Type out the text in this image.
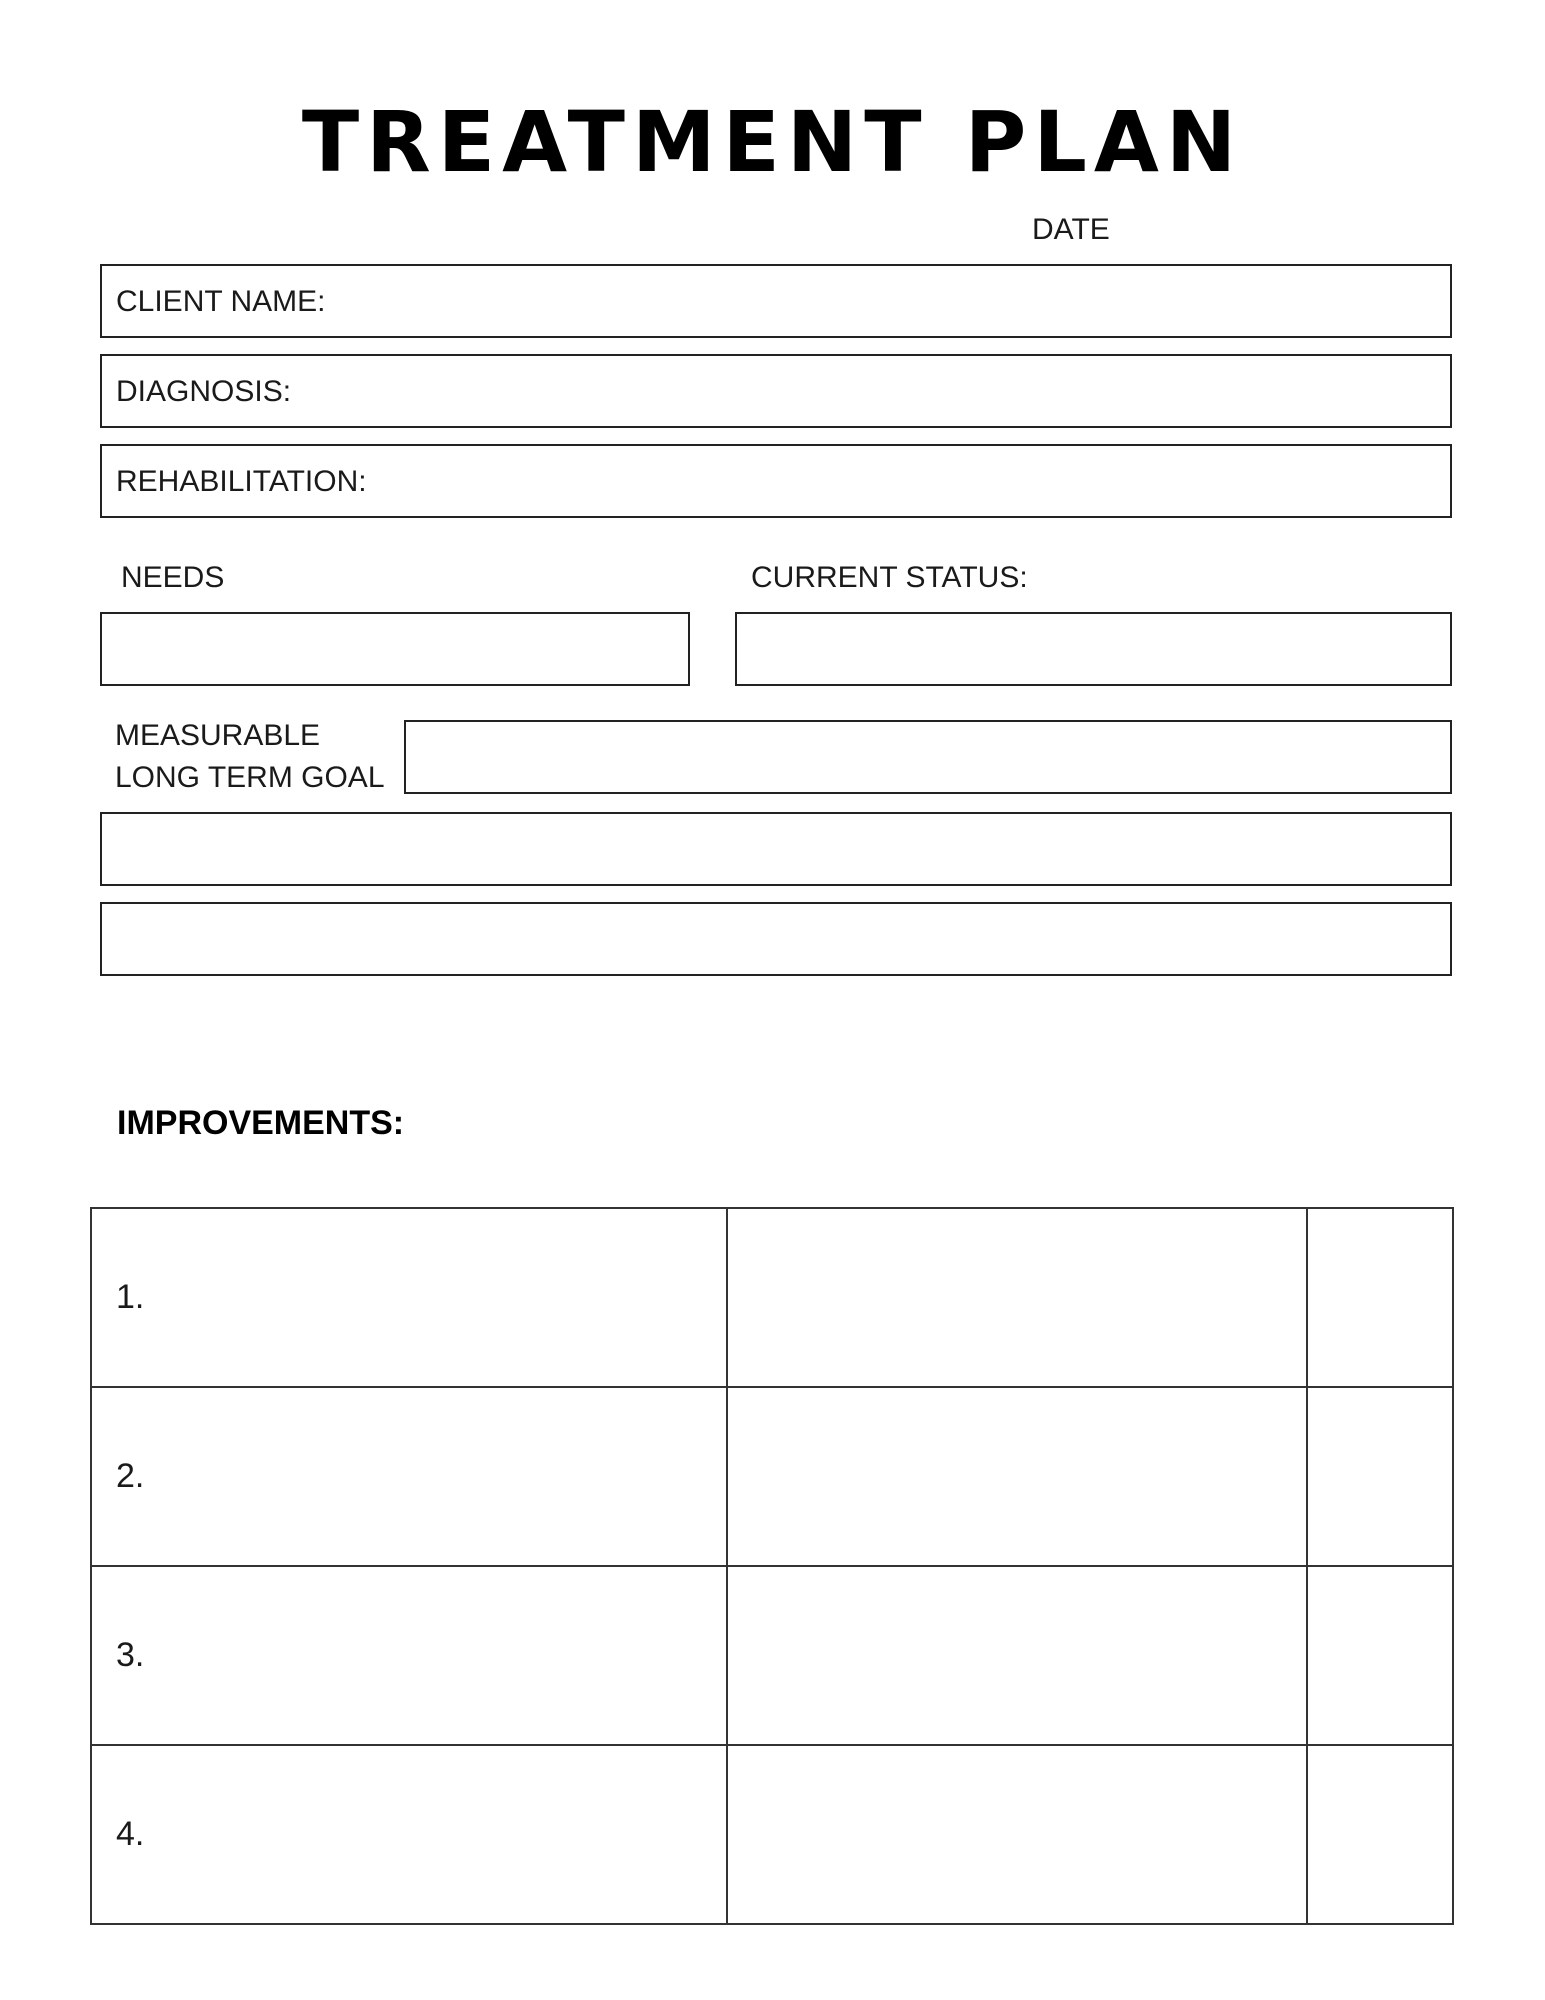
TREATMENT PLAN
DATE
CLIENT NAME:
DIAGNOSIS:
REHABILITATION:
NEEDS	CURRENT STATUS:
MEASURABLE
LONG TERM GOAL
IMPROVEMENTS:
1.		
2.		
3.		
4.		
